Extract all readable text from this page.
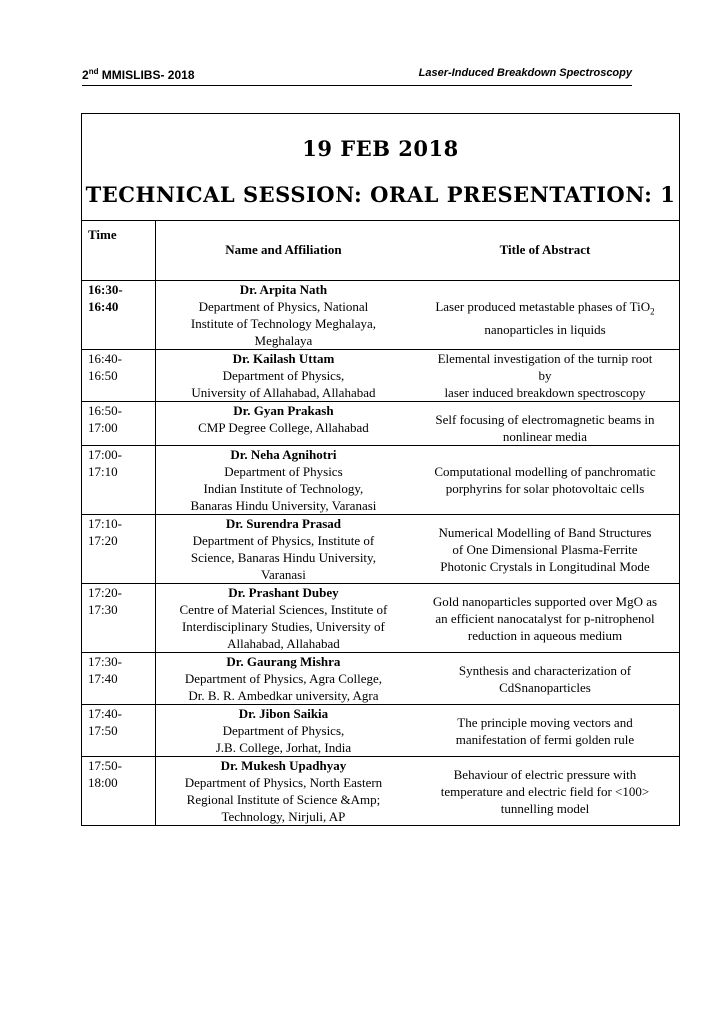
2nd MMISLIBS- 2018	Laser-Induced Breakdown Spectroscopy
19 FEB 2018
TECHNICAL SESSION: ORAL PRESENTATION: 1
Time	Name and Affiliation	Title of Abstract

16:30-
16:40	Dr. Arpita Nath
Department of Physics, National
Institute of Technology Meghalaya,
Meghalaya	Laser produced metastable phases of TiO$_2$
nanoparticles in liquids

16:40-
16:50	Dr. Kailash Uttam
Department of Physics,
University of Allahabad, Allahabad	Elemental investigation of the turnip root
by
laser induced breakdown spectroscopy

16:50-
17:00	Dr. Gyan Prakash
CMP Degree College, Allahabad	Self focusing of electromagnetic beams in
nonlinear media

17:00-
17:10	Dr. Neha Agnihotri
Department of Physics
Indian Institute of Technology,
Banaras Hindu University, Varanasi	Computational modelling of panchromatic
porphyrins for solar photovoltaic cells

17:10-
17:20	Dr. Surendra Prasad
Department of Physics, Institute of
Science, Banaras Hindu University,
Varanasi	Numerical Modelling of Band Structures
of One Dimensional Plasma-Ferrite
Photonic Crystals in Longitudinal Mode

17:20-
17:30	Dr. Prashant Dubey
Centre of Material Sciences, Institute of
Interdisciplinary Studies, University of
Allahabad, Allahabad	Gold nanoparticles supported over MgO as
an efficient nanocatalyst for p-nitrophenol
reduction in aqueous medium

17:30-
17:40	Dr. Gaurang Mishra
Department of Physics, Agra College,
Dr. B. R. Ambedkar university, Agra	Synthesis and characterization of
CdSnanoparticles

17:40-
17:50	Dr. Jibon Saikia
Department of Physics,
J.B. College, Jorhat, India	The principle moving vectors and
manifestation of fermi golden rule

17:50-
18:00	Dr. Mukesh Upadhyay
Department of Physics, North Eastern
Regional Institute of Science &Amp;
Technology, Nirjuli, AP	Behaviour of electric pressure with
temperature and electric field for <100>
tunnelling model
